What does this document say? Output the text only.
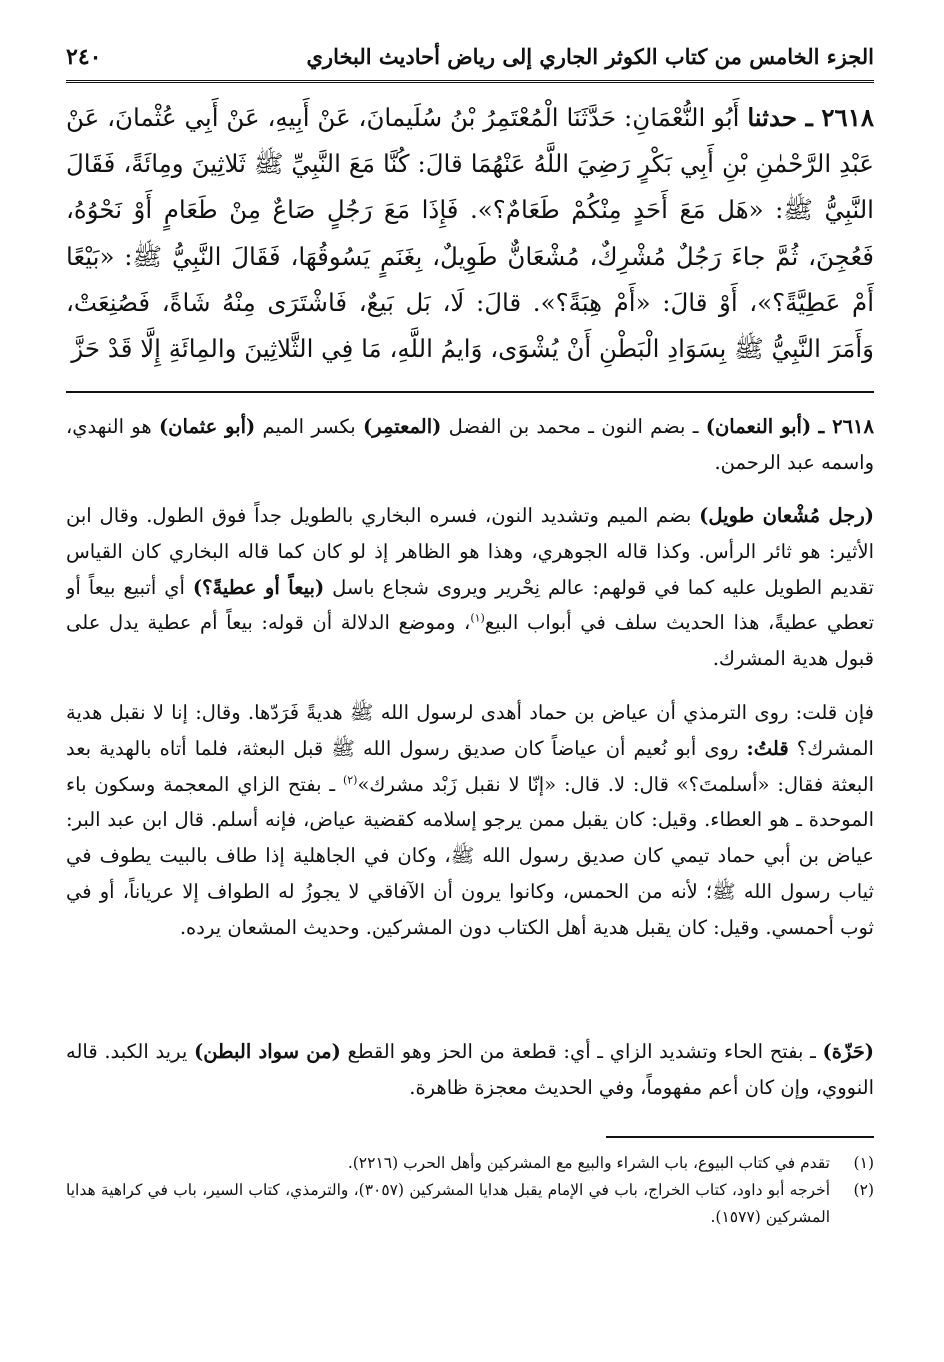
الجزء الخامس من كتاب الكوثر الجاري إلى رياض أحاديث البخاري
٢٤٠
٢٦١٨ ـ حدثنا أَبُو النُّعْمَانِ: حَدَّثَنَا الْمُعْتَمِرُ بْنُ سُلَيمانَ، عَنْ أَبِيهِ، عَنْ أَبِي عُثْمانَ، عَنْ عَبْدِ الرَّحْمٰنِ بْنِ أَبِي بَكْرٍ رَضِيَ اللَّهُ عَنْهُمَا قالَ: كُنَّا مَعَ النَّبِيِّ ﷺ ثَلاثِينَ ومِائَةً، فَقَالَ النَّبِيُّ ﷺ: «هَل مَعَ أَحَدٍ مِنْكُمْ طَعَامٌ؟». فَإِذَا مَعَ رَجُلٍ صَاعٌ مِنْ طَعَامٍ أَوْ نَحْوُهُ، فَعُجِنَ، ثُمَّ جاءَ رَجُلٌ مُشْرِكٌ، مُشْعَانٌّ طَوِيلٌ، بِغَنَمٍ يَسُوقُهَا، فَقَالَ النَّبِيُّ ﷺ: «بَيْعًا أَمْ عَطِيَّةً؟»، أَوْ قالَ: «أَمْ هِبَةً؟». قالَ: لَا، بَل بَيعٌ، فَاشْتَرَى مِنْهُ شَاةً، فَصُنِعَتْ، وَأَمَرَ النَّبِيُّ ﷺ بِسَوَادِ الْبَطْنِ أَنْ يُشْوَى، وَايمُ اللَّهِ، مَا فِي الثَّلاثِينَ والمِائَةِ إِلَّا قَدْ حَزَّ

٢٦١٨ ـ (أبو النعمان) ـ بضم النون ـ محمد بن الفضل (المعتمِر) بكسر الميم (أبو عثمان) هو النهدي، واسمه عبد الرحمن.

(رجل مُشْعان طويل) بضم الميم وتشديد النون، فسره البخاري بالطويل جداً فوق الطول. وقال ابن الأثير: هو ثائر الرأس. وكذا قاله الجوهري، وهذا هو الظاهر إذ لو كان كما قاله البخاري كان القياس تقديم الطويل عليه كما في قولهم: عالم نِحْرير ويروى شجاع باسل (بيعاً أو عطيةً؟) أي أتبيع بيعاً أو تعطي عطيةً، هذا الحديث سلف في أبواب البيع$^{(١)}$، وموضع الدلالة أن قوله: بيعاً أم عطية يدل على قبول هدية المشرك.

فإن قلت: روى الترمذي أن عياض بن حماد أهدى لرسول الله ﷺ هديةً فَرَدّها. وقال: إنا لا نقبل هدية المشرك؟ قلتُ: روى أبو نُعيم أن عياضاً كان صديق رسول الله ﷺ قبل البعثة، فلما أتاه بالهدية بعد البعثة فقال: «أسلمتَ؟» قال: لا. قال: «إنّا لا نقبل زَبْد مشرك»$^{(٢)}$ ـ بفتح الزاي المعجمة وسكون باء الموحدة ـ هو العطاء. وقيل: كان يقبل ممن يرجو إسلامه كقضية عياض، فإنه أسلم. قال ابن عبد البر: عياض بن أبي حماد تيمي كان صديق رسول الله ﷺ، وكان في الجاهلية إذا طاف بالبيت يطوف في ثياب رسول الله ﷺ؛ لأنه من الحمس، وكانوا يرون أن الآفاقي لا يجوزُ له الطواف إلا عرياناً، أو في ثوب أحمسي. وقيل: كان يقبل هدية أهل الكتاب دون المشركين. وحديث المشعان يرده.

(حَزّة) ـ بفتح الحاء وتشديد الزاي ـ أي: قطعة من الحز وهو القطع (من سواد البطن) يريد الكبد. قاله النووي، وإن كان أعم مفهوماً، وفي الحديث معجزة ظاهرة.

(١)
تقدم في كتاب البيوع، باب الشراء والبيع مع المشركين وأهل الحرب (٢٢١٦).
(٢)
أخرجه أبو داود، كتاب الخراج، باب في الإمام يقبل هدايا المشركين (٣٠٥٧)، والترمذي، كتاب السير، باب في كراهية هدايا المشركين (١٥٧٧).
